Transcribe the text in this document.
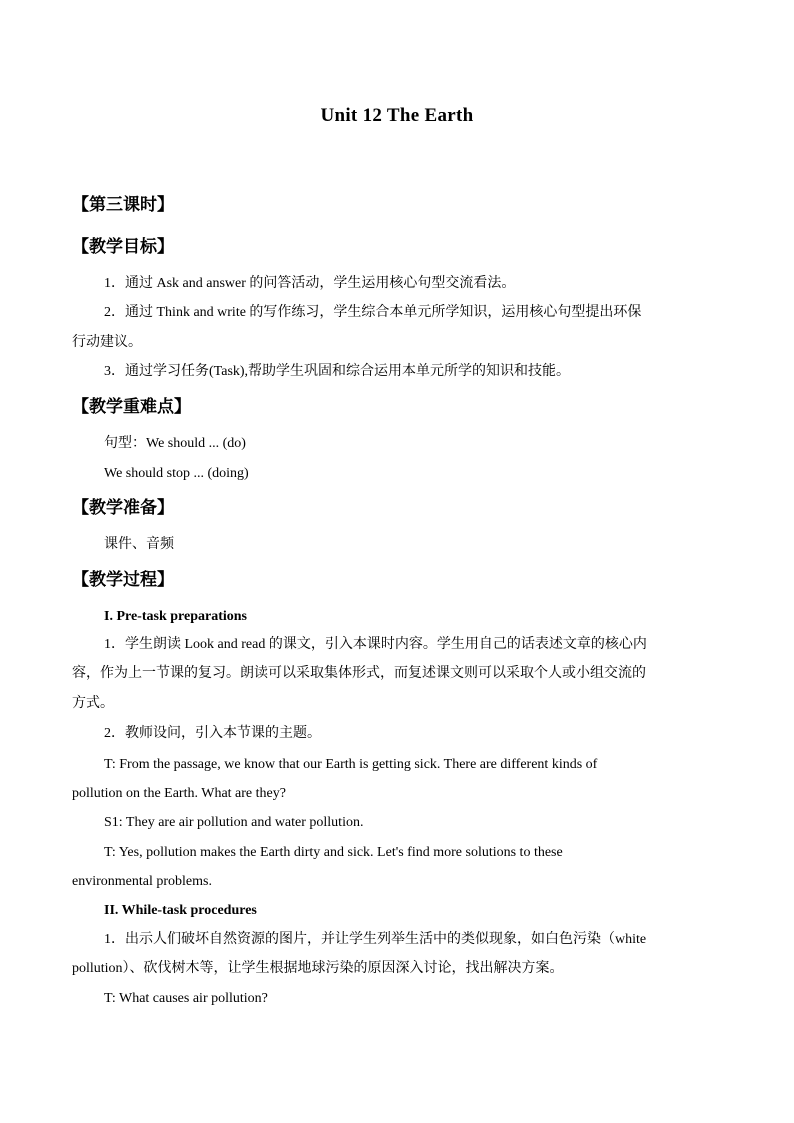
Unit 12 The Earth
【第三课时】
【教学目标】
1．通过 Ask and answer 的问答活动，学生运用核心句型交流看法。
2．通过 Think and write 的写作练习，学生综合本单元所学知识，运用核心句型提出环保
行动建议。
3．通过学习任务(Task),帮助学生巩固和综合运用本单元所学的知识和技能。
【教学重难点】
句型：We should ... (do)
We should stop ... (doing)
【教学准备】
课件、音频
【教学过程】
I. Pre-task preparations
1．学生朗读 Look and read 的课文，引入本课时内容。学生用自己的话表述文章的核心内
容，作为上一节课的复习。朗读可以采取集体形式，而复述课文则可以采取个人或小组交流的
方式。
2．教师设问，引入本节课的主题。
T: From the passage, we know that our Earth is getting sick. There are different kinds of
pollution on the Earth. What are they?
S1: They are air pollution and water pollution.
T: Yes, pollution makes the Earth dirty and sick. Let's find more solutions to these
environmental problems.
II. While-task procedures
1．出示人们破坏自然资源的图片，并让学生列举生活中的类似现象，如白色污染（white
pollution）、砍伐树木等，让学生根据地球污染的原因深入讨论，找出解决方案。
T: What causes air pollution?
